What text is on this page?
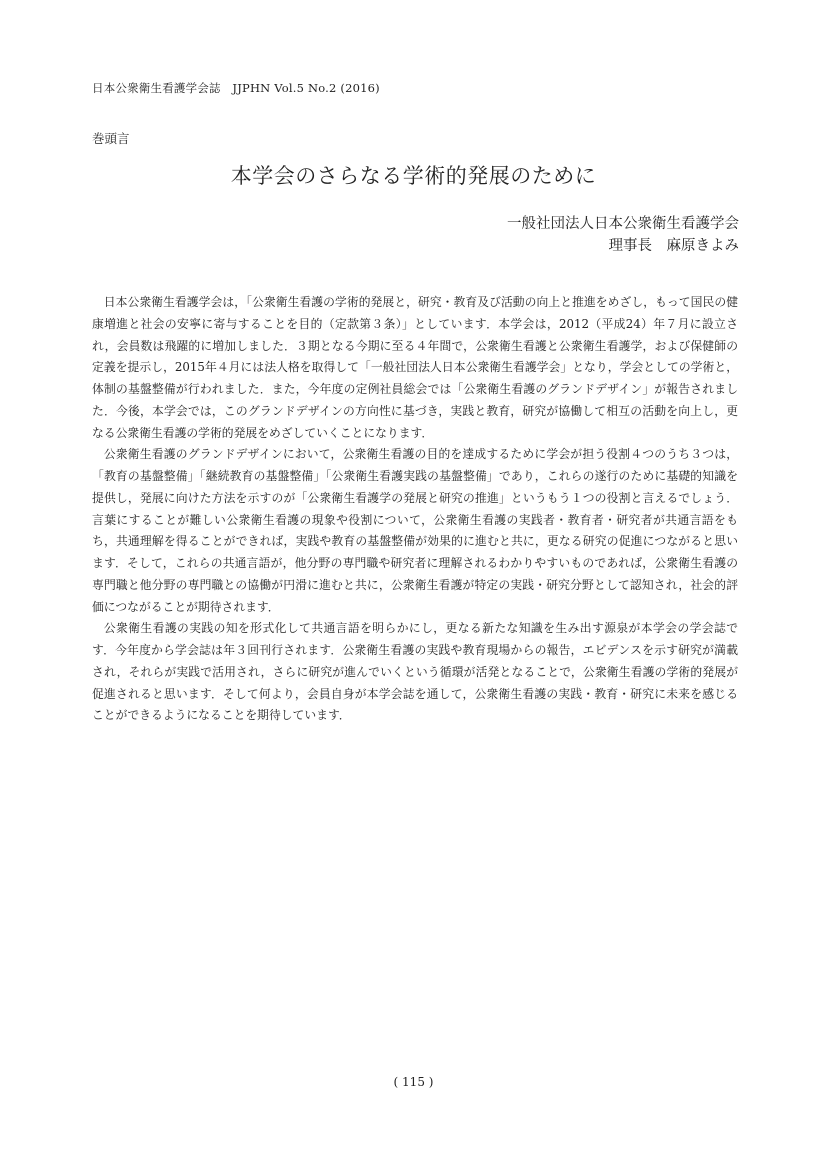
日本公衆衛生看護学会誌　JJPHN Vol.5 No.2 (2016)
巻頭言
本学会のさらなる学術的発展のために
一般社団法人日本公衆衛生看護学会
理事長　麻原きよみ

日本公衆衛生看護学会は，「公衆衛生看護の学術的発展と，研究・教育及び活動の向上と推進をめざし，もって国民の健康増進と社会の安寧に寄与することを目的（定款第３条）」としています．本学会は，2012（平成24）年７月に設立され，会員数は飛躍的に増加しました．３期となる今期に至る４年間で，公衆衛生看護と公衆衛生看護学，および保健師の定義を提示し，2015年４月には法人格を取得して「一般社団法人日本公衆衛生看護学会」となり，学会としての学術と，体制の基盤整備が行われました．また，今年度の定例社員総会では「公衆衛生看護のグランドデザイン」が報告されました．今後，本学会では，このグランドデザインの方向性に基づき，実践と教育，研究が協働して相互の活動を向上し，更なる公衆衛生看護の学術的発展をめざしていくことになります．

公衆衛生看護のグランドデザインにおいて，公衆衛生看護の目的を達成するために学会が担う役割４つのうち３つは，「教育の基盤整備」「継続教育の基盤整備」「公衆衛生看護実践の基盤整備」であり，これらの遂行のために基礎的知識を提供し，発展に向けた方法を示すのが「公衆衛生看護学の発展と研究の推進」というもう１つの役割と言えるでしょう．言葉にすることが難しい公衆衛生看護の現象や役割について，公衆衛生看護の実践者・教育者・研究者が共通言語をもち，共通理解を得ることができれば，実践や教育の基盤整備が効果的に進むと共に，更なる研究の促進につながると思います．そして，これらの共通言語が，他分野の専門職や研究者に理解されるわかりやすいものであれば，公衆衛生看護の専門職と他分野の専門職との協働が円滑に進むと共に，公衆衛生看護が特定の実践・研究分野として認知され，社会的評価につながることが期待されます．

公衆衛生看護の実践の知を形式化して共通言語を明らかにし，更なる新たな知識を生み出す源泉が本学会の学会誌です．今年度から学会誌は年３回刊行されます．公衆衛生看護の実践や教育現場からの報告，エビデンスを示す研究が満載され，それらが実践で活用され，さらに研究が進んでいくという循環が活発となることで，公衆衛生看護の学術的発展が促進されると思います．そして何より，会員自身が本学会誌を通して，公衆衛生看護の実践・教育・研究に未来を感じることができるようになることを期待しています．

( 115 )
